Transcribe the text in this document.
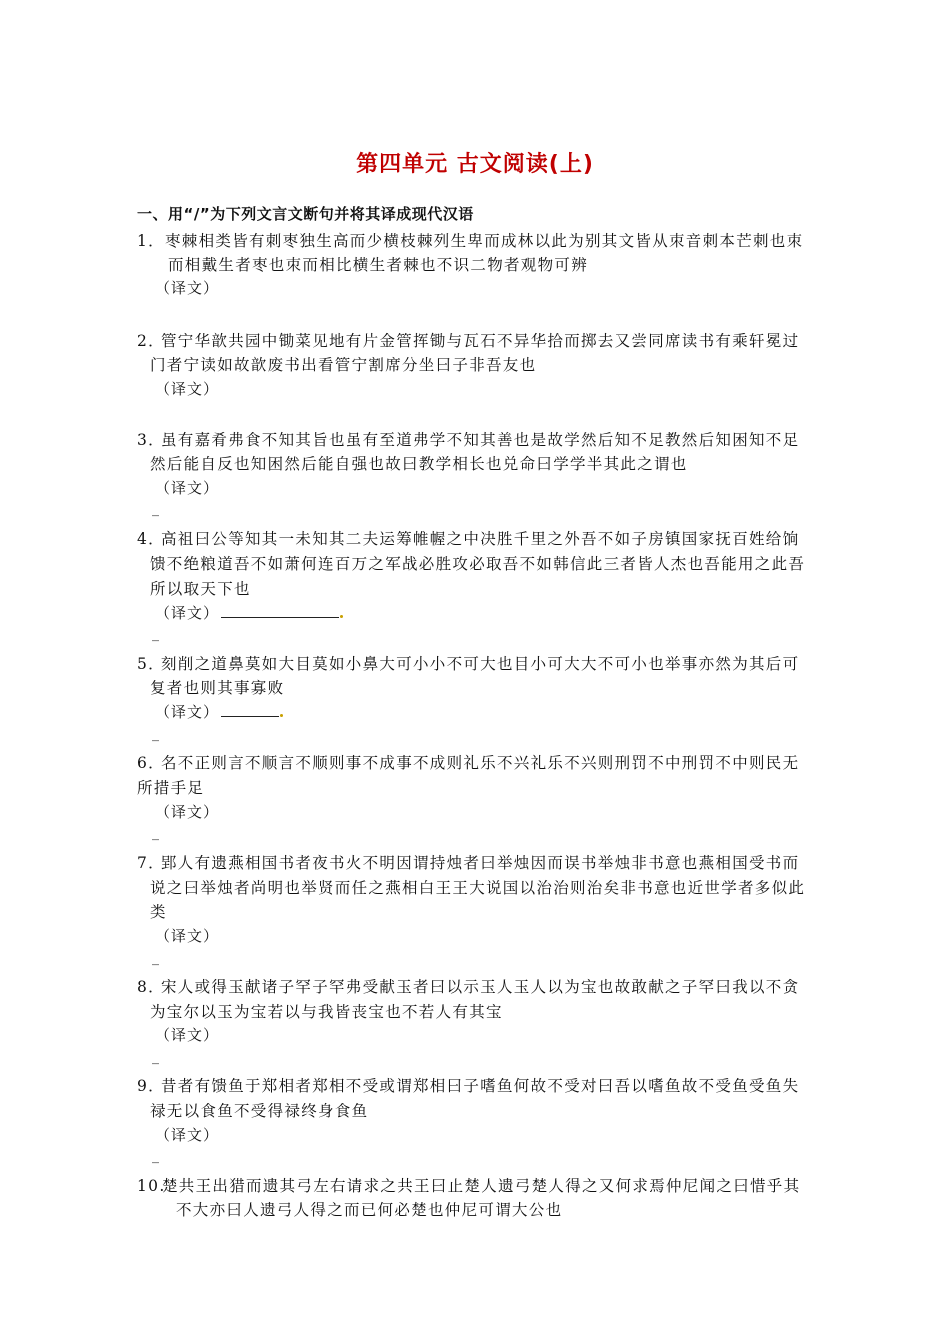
第四单元 古文阅读(上)
一、用“/”为下列文言文断句并将其译成现代汉语
1．枣棘相类皆有刺枣独生高而少横枝棘列生卑而成林以此为别其文皆从朿音刺本芒刺也朿
而相戴生者枣也朿而相比横生者棘也不识二物者观物可辨
（译文）
2．管宁华歆共园中锄菜见地有片金管挥锄与瓦石不异华拾而掷去又尝同席读书有乘轩冕过
门者宁读如故歆废书出看管宁割席分坐曰子非吾友也
（译文）
3．虽有嘉肴弗食不知其旨也虽有至道弗学不知其善也是故学然后知不足教然后知困知不足
然后能自反也知困然后能自强也故曰教学相长也兑命曰学学半其此之谓也
（译文）
_
4．高祖曰公等知其一未知其二夫运筹帷幄之中决胜千里之外吾不如子房镇国家抚百姓给饷
馈不绝粮道吾不如萧何连百万之军战必胜攻必取吾不如韩信此三者皆人杰也吾能用之此吾
所以取天下也
（译文）
_
5．刻削之道鼻莫如大目莫如小鼻大可小小不可大也目小可大大不可小也举事亦然为其后可
复者也则其事寡败
（译文）
_
6．名不正则言不顺言不顺则事不成事不成则礼乐不兴礼乐不兴则刑罚不中刑罚不中则民无
所措手足
（译文）
_
7．郢人有遗燕相国书者夜书火不明因谓持烛者曰举烛因而误书举烛非书意也燕相国受书而
说之曰举烛者尚明也举贤而任之燕相白王王大说国以治治则治矣非书意也近世学者多似此
类
（译文）
_
8．宋人或得玉献诸子罕子罕弗受献玉者曰以示玉人玉人以为宝也故敢献之子罕曰我以不贪
为宝尔以玉为宝若以与我皆丧宝也不若人有其宝
（译文）
_
9．昔者有馈鱼于郑相者郑相不受或谓郑相曰子嗜鱼何故不受对曰吾以嗜鱼故不受鱼受鱼失
禄无以食鱼不受得禄终身食鱼
（译文）
_
10.楚共王出猎而遗其弓左右请求之共王曰止楚人遗弓楚人得之又何求焉仲尼闻之曰惜乎其
不大亦曰人遗弓人得之而已何必楚也仲尼可谓大公也
